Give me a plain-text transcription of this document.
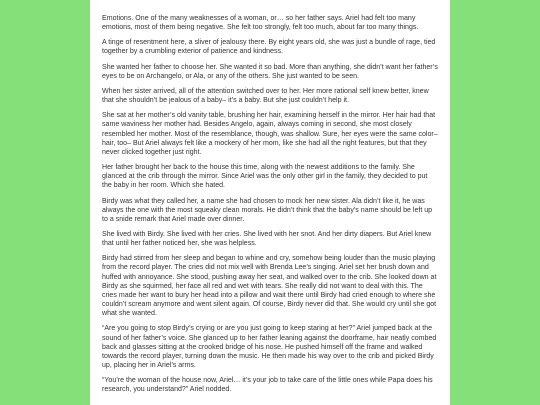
Emotions. One of the many weaknesses of a woman, or… so her father says. Ariel had felt too many emotions, most of them being negative. She felt too strongly, felt too much, about far too many things.

A tinge of resentment here, a sliver of jealousy there. By eight years old, she was just a bundle of rage, tied together by a crumbling exterior of patience and kindness.

She wanted her father to choose her. She wanted it so bad. More than anything, she didn’t want her father’s eyes to be on Archangelo, or Ala, or any of the others. She just wanted to be seen.

When her sister arrived, all of the attention switched over to her. Her more rational self knew better, knew that she shouldn’t be jealous of a baby– it’s a baby. But she just couldn’t help it.

She sat at her mother’s old vanity table, brushing her hair, examining herself in the mirror. Her hair had that same waviness her mother had. Besides Angelo, again, always coming in second, she most closely resembled her mother. Most of the resemblance, though, was shallow. Sure, her eyes were the same color– hair, too– But Ariel always felt like a mockery of her mom, like she had all the right features, but that they never clicked together just right.

Her father brought her back to the house this time, along with the newest additions to the family. She glanced at the crib through the mirror. Since Ariel was the only other girl in the family, they decided to put the baby in her room. Which she hated.

Birdy was what they called her, a name she had chosen to mock her new sister. Ala didn’t like it, he was always the one with the most squeaky clean morals. He didn’t think that the baby’s name should be left up to a snide remark that Ariel made over dinner.

She lived with Birdy. She lived with her cries. She lived with her snot. And her dirty diapers. But Ariel knew that until her father noticed her, she was helpless.

Birdy had stirred from her sleep and began to whine and cry, somehow being louder than the music playing from the record player. The cries did not mix well with Brenda Lee’s singing. Ariel set her brush down and huffed with annoyance. She stood, pushing away her seat, and walked over to the crib. She looked down at Birdy as she squirmed, her face all red and wet with tears. She really did not want to deal with this. The cries made her want to bury her head into a pillow and wait there until Birdy had cried enough to where she couldn’t scream anymore and went silent again. Of course, Birdy never did that. She would cry until she got what she wanted.

“Are you going to stop Birdy’s crying or are you just going to keep staring at her?” Ariel jumped back at the sound of her father’s voice. She glanced up to her father leaning against the doorframe, hair neatly combed back and glasses sitting at the crooked bridge of his nose. He pushed himself off the frame and walked towards the record player, turning down the music. He then made his way over to the crib and picked Birdy up, placing her in Ariel’s arms.

“You’re the woman of the house now, Ariel… it’s your job to take care of the little ones while Papa does his research, you understand?” Ariel nodded.
